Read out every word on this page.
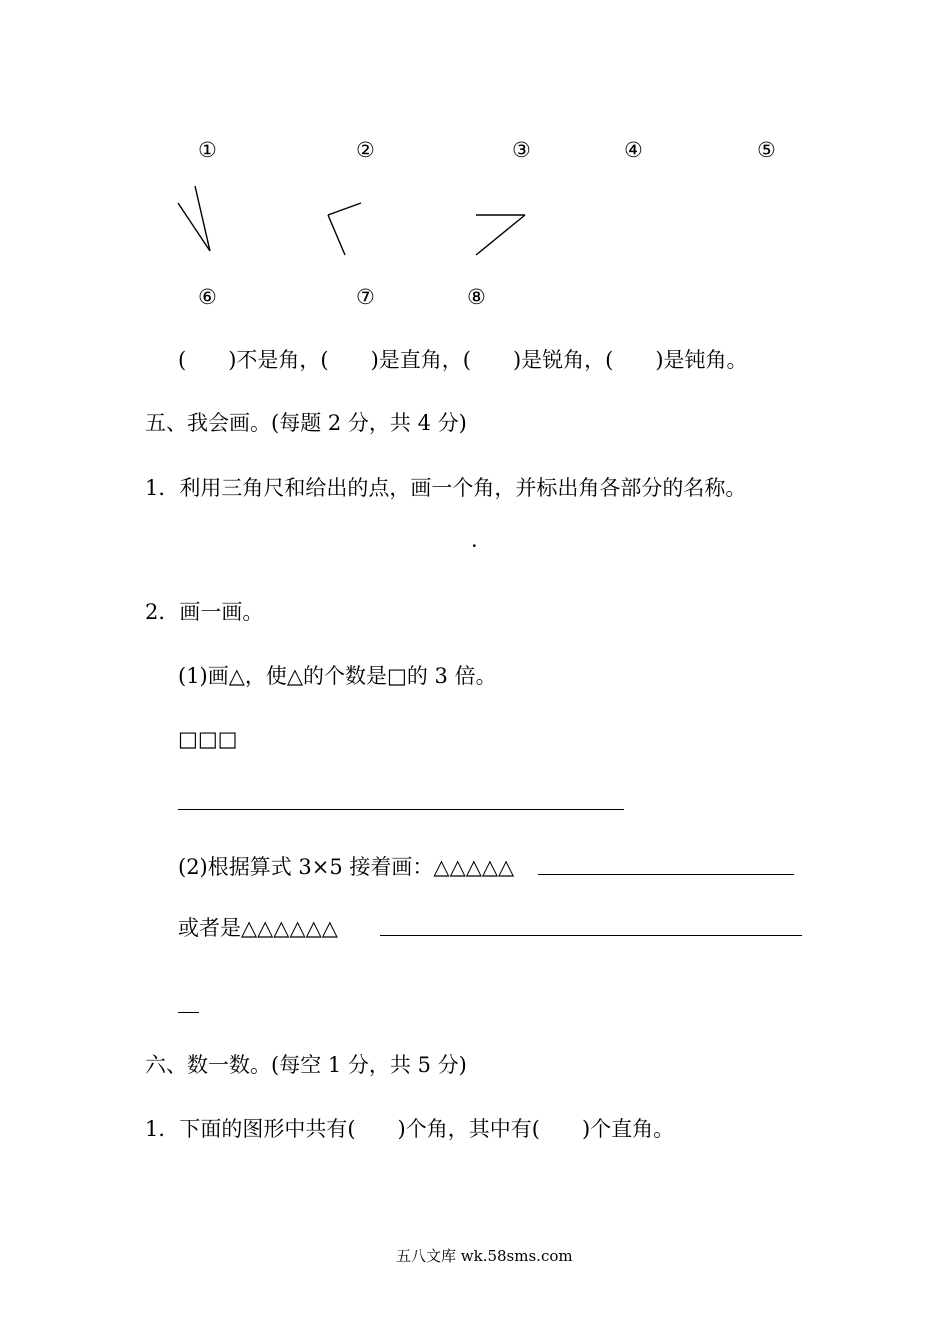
①	②	③	④	⑤
⑥	⑦	⑧
(　　)不是角，(　　)是直角，(　　)是锐角，(　　)是钝角。
五、我会画。(每题 2 分，共 4 分)
1．利用三角尺和给出的点，画一个角，并标出角各部分的名称。
·
2．画一画。
(1)画△，使△的个数是□的 3 倍。
□□□
(2)根据算式 3×5 接着画：△△△△△
或者是△△△△△△
六、数一数。(每空 1 分，共 5 分)
1．下面的图形中共有(　　)个角，其中有(　　)个直角。
五八文库 wk.58sms.com
